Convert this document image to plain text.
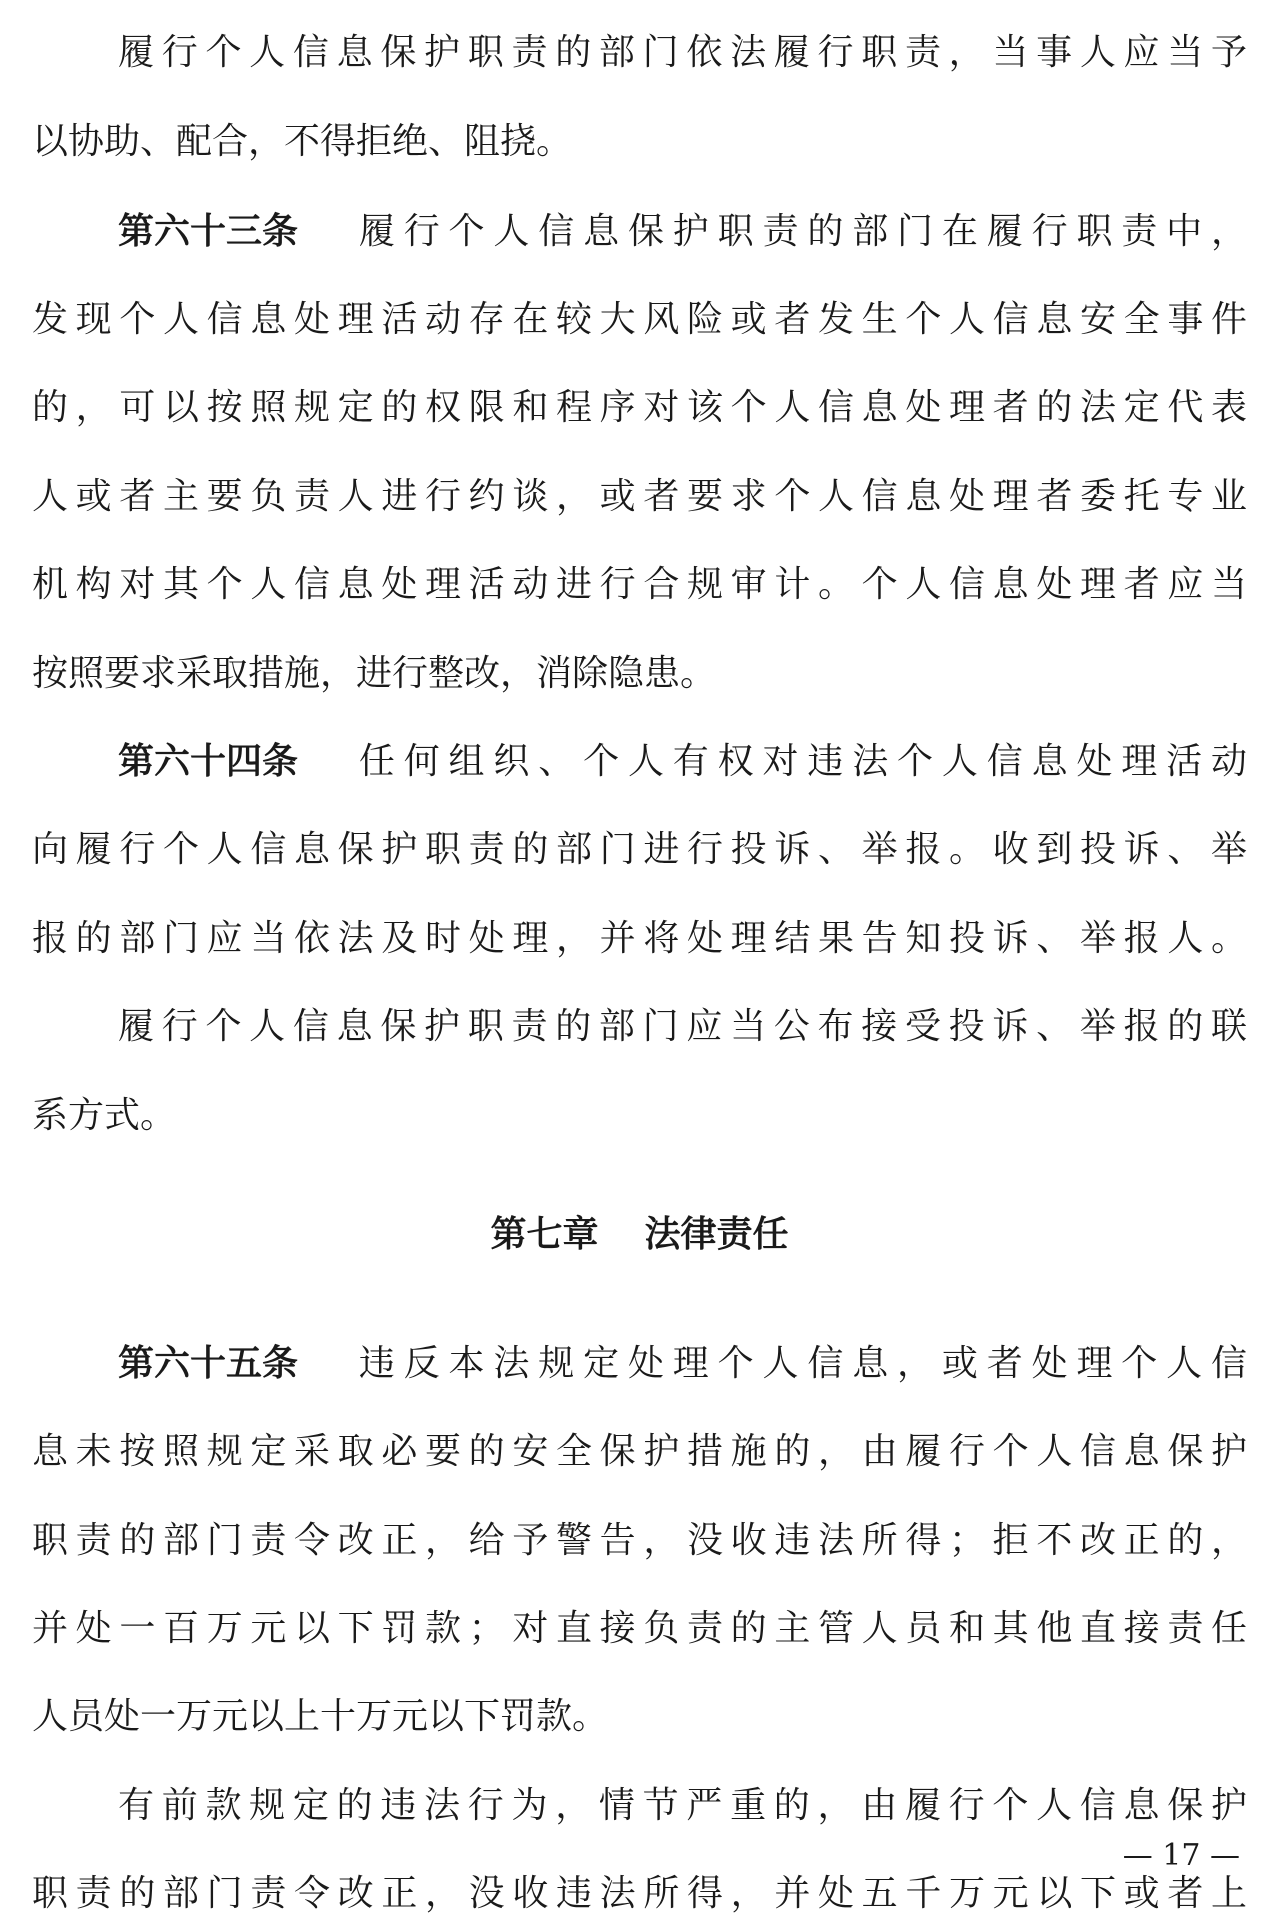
履行个人信息保护职责的部门依法履行职责，当事人应当予
以协助、配合，不得拒绝、阻挠。
第六十三条 履行个人信息保护职责的部门在履行职责中，
发现个人信息处理活动存在较大风险或者发生个人信息安全事件
的，可以按照规定的权限和程序对该个人信息处理者的法定代表
人或者主要负责人进行约谈，或者要求个人信息处理者委托专业
机构对其个人信息处理活动进行合规审计。个人信息处理者应当
按照要求采取措施，进行整改，消除隐患。
第六十四条 任何组织、个人有权对违法个人信息处理活动
向履行个人信息保护职责的部门进行投诉、举报。收到投诉、举
报的部门应当依法及时处理，并将处理结果告知投诉、举报人。
履行个人信息保护职责的部门应当公布接受投诉、举报的联
系方式。
第七章 法律责任
第六十五条 违反本法规定处理个人信息，或者处理个人信
息未按照规定采取必要的安全保护措施的，由履行个人信息保护
职责的部门责令改正，给予警告，没收违法所得；拒不改正的，
并处一百万元以下罚款；对直接负责的主管人员和其他直接责任
人员处一万元以上十万元以下罚款。
有前款规定的违法行为，情节严重的，由履行个人信息保护
职责的部门责令改正，没收违法所得，并处五千万元以下或者上
— 17 —
